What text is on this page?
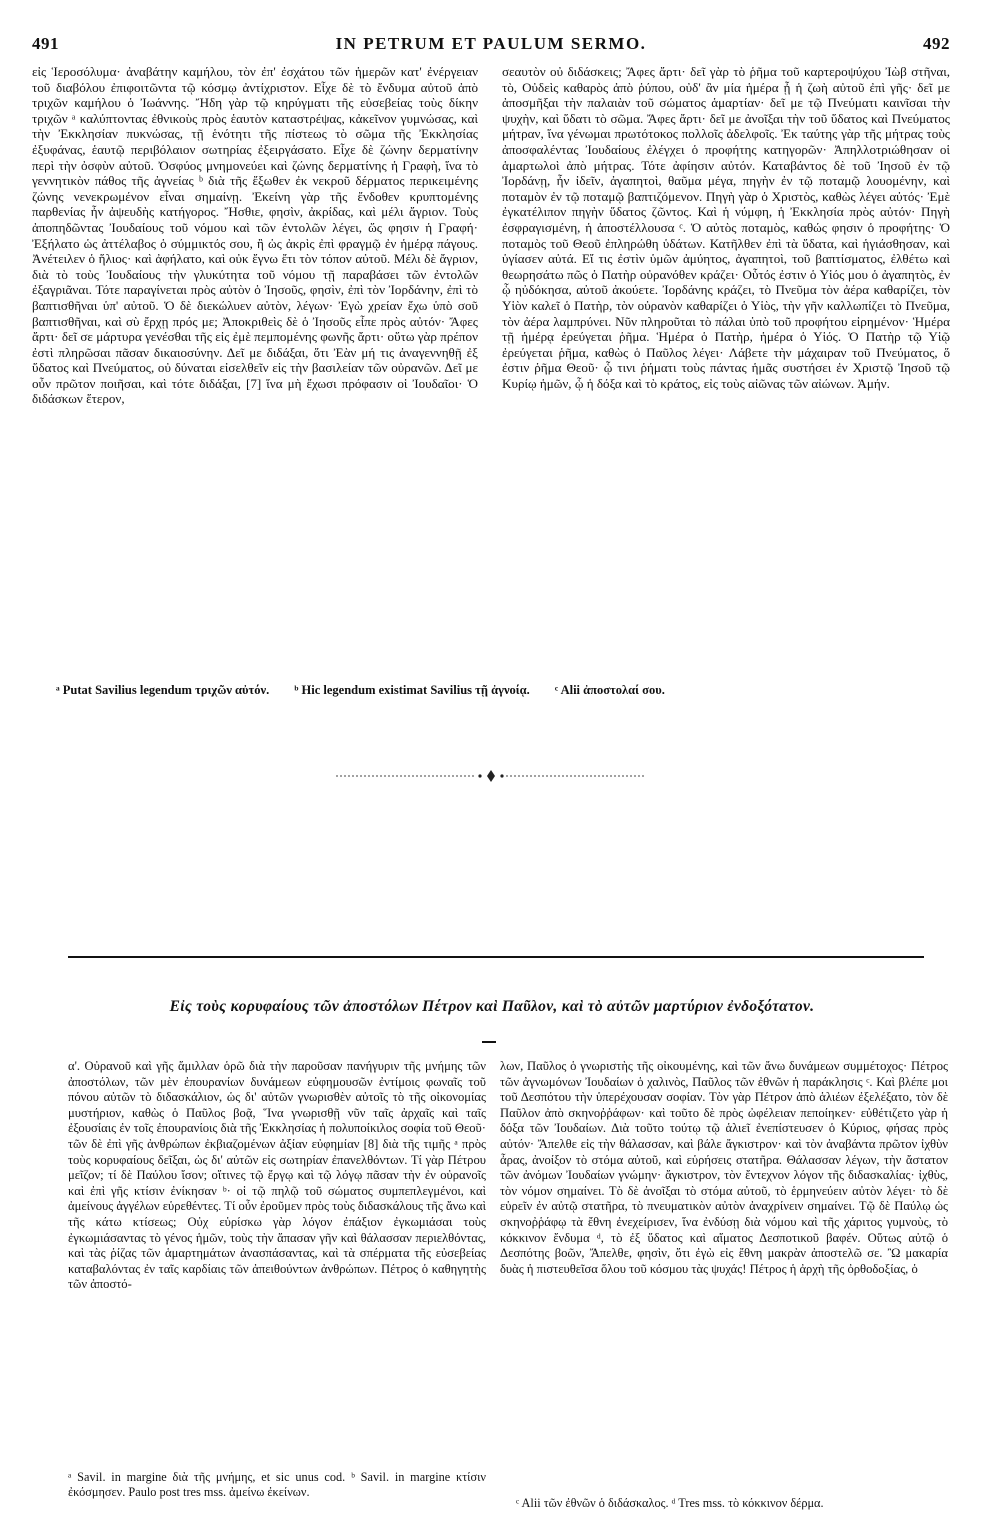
491	IN PETRUM ET PAULUM SERMO.	492

εἰς Ἱεροσόλυμα· ἀναβάτην καμήλου, τὸν ἐπ' ἐσχάτου τῶν ἡμερῶν κατ' ἐνέργειαν τοῦ διαβόλου ἐπιφοιτῶντα τῷ κόσμῳ ἀντίχριστον. Εἶχε δὲ τὸ ἔνδυμα αὐτοῦ ἀπὸ τριχῶν καμήλου ὁ Ἰωάννης. Ἤδη γὰρ τῷ κηρύγματι τῆς εὐσεβείας τοὺς δίκην τριχῶν ᵃ καλύπτοντας ἐθνικοὺς πρὸς ἑαυτὸν καταστρέψας, κἀκεῖνον γυμνώσας, καὶ τὴν Ἐκκλησίαν πυκνώσας, τῇ ἑνότητι τῆς πίστεως τὸ σῶμα τῆς Ἐκκλησίας ἐξυφάνας, ἑαυτῷ περιβόλαιον σωτηρίας ἐξειργάσατο. Εἶχε δὲ ζώνην δερματίνην περὶ τὴν ὀσφὺν αὐτοῦ. Ὀσφύος μνημονεύει καὶ ζώνης δερματίνης ἡ Γραφὴ, ἵνα τὸ γεννητικὸν πάθος τῆς ἀγνείας ᵇ διὰ τῆς ἔξωθεν ἐκ νεκροῦ δέρματος περικειμένης ζώνης νενεκρωμένον εἶναι σημαίνῃ. Ἐκείνη γὰρ τῆς ἔνδοθεν κρυπτομένης παρθενίας ἦν ἀψευδὴς κατήγορος. Ἤσθιε, φησὶν, ἀκρίδας, καὶ μέλι ἄγριον. Τοὺς ἀποπηδῶντας Ἰουδαίους τοῦ νόμου καὶ τῶν ἐντολῶν λέγει, ὥς φησιν ἡ Γραφή· Ἐξήλατο ὡς ἀττέλαβος ὁ σύμμικτός σου, ἢ ὡς ἀκρὶς ἐπὶ φραγμῷ ἐν ἡμέρᾳ πάγους. Ἀνέτειλεν ὁ ἥλιος· καὶ ἀφήλατο, καὶ οὐκ ἔγνω ἔτι τὸν τόπον αὐτοῦ. Μέλι δὲ ἄγριον, διὰ τὸ τοὺς Ἰουδαίους τὴν γλυκύτητα τοῦ νόμου τῇ παραβάσει τῶν ἐντολῶν ἐξαγριᾶναι. Τότε παραγίνεται πρὸς αὐτὸν ὁ Ἰησοῦς, φησὶν, ἐπὶ τὸν Ἰορδάνην, ἐπὶ τὸ βαπτισθῆναι ὑπ' αὐτοῦ. Ὁ δὲ διεκώλυεν αὐτὸν, λέγων· Ἐγὼ χρείαν ἔχω ὑπὸ σοῦ βαπτισθῆναι, καὶ σὺ ἔρχῃ πρός με; Ἀποκριθεὶς δὲ ὁ Ἰησοῦς εἶπε πρὸς αὐτόν· Ἄφες ἄρτι· δεῖ σε μάρτυρα γενέσθαι τῆς εἰς ἐμὲ πεμπομένης φωνῆς ἄρτι· οὕτω γὰρ πρέπον ἐστὶ πληρῶσαι πᾶσαν δικαιοσύνην. Δεῖ με διδάξαι, ὅτι Ἐὰν μή τις ἀναγεννηθῇ ἐξ ὕδατος καὶ Πνεύματος, οὐ δύναται εἰσελθεῖν εἰς τὴν βασιλείαν τῶν οὐρανῶν. Δεῖ με οὖν πρῶτον ποιῆσαι, καὶ τότε διδάξαι, [7] ἵνα μὴ ἔχωσι πρόφασιν οἱ Ἰουδαῖοι· Ὁ διδάσκων ἕτερον,

σεαυτὸν οὐ διδάσκεις; Ἄφες ἄρτι· δεῖ γὰρ τὸ ῥῆμα τοῦ καρτεροψύχου Ἰὼβ στῆναι, τὸ, Οὐδεὶς καθαρὸς ἀπὸ ῥύπου, οὐδ' ἂν μία ἡμέρα ᾖ ἡ ζωὴ αὐτοῦ ἐπὶ γῆς· δεῖ με ἀποσμῆξαι τὴν παλαιὰν τοῦ σώματος ἁμαρτίαν· δεῖ με τῷ Πνεύματι καινῖσαι τὴν ψυχὴν, καὶ ὕδατι τὸ σῶμα. Ἄφες ἄρτι· δεῖ με ἀνοῖξαι τὴν τοῦ ὕδατος καὶ Πνεύματος μήτραν, ἵνα γένωμαι πρωτότοκος πολλοῖς ἀδελφοῖς. Ἐκ ταύτης γὰρ τῆς μήτρας τοὺς ἀποσφαλέντας Ἰουδαίους ἐλέγχει ὁ προφήτης κατηγορῶν· Ἀπηλλοτριώθησαν οἱ ἁμαρτωλοὶ ἀπὸ μήτρας. Τότε ἀφίησιν αὐτόν. Καταβάντος δὲ τοῦ Ἰησοῦ ἐν τῷ Ἰορδάνῃ, ἦν ἰδεῖν, ἀγαπητοὶ, θαῦμα μέγα, πηγὴν ἐν τῷ ποταμῷ λουομένην, καὶ ποταμὸν ἐν τῷ ποταμῷ βαπτιζόμενον. Πηγὴ γὰρ ὁ Χριστὸς, καθὼς λέγει αὐτός· Ἐμὲ ἐγκατέλιπον πηγὴν ὕδατος ζῶντος. Καὶ ἡ νύμφη, ἡ Ἐκκλησία πρὸς αὐτόν· Πηγὴ ἐσφραγισμένη, ἡ ἀποστέλλουσα ᶜ. Ὁ αὐτὸς ποταμὸς, καθώς φησιν ὁ προφήτης· Ὁ ποταμὸς τοῦ Θεοῦ ἐπληρώθη ὑδάτων. Κατῆλθεν ἐπὶ τὰ ὕδατα, καὶ ἡγιάσθησαν, καὶ ὑγίασεν αὐτά. Εἴ τις ἐστὶν ὑμῶν ἀμύητος, ἀγαπητοὶ, τοῦ βαπτίσματος, ἐλθέτω καὶ θεωρησάτω πῶς ὁ Πατὴρ οὐρανόθεν κράζει· Οὗτός ἐστιν ὁ Υἱός μου ὁ ἀγαπητὸς, ἐν ᾧ ηὐδόκησα, αὐτοῦ ἀκούετε. Ἰορδάνης κράζει, τὸ Πνεῦμα τὸν ἀέρα καθαρίζει, τὸν Υἱὸν καλεῖ ὁ Πατὴρ, τὸν οὐρανὸν καθαρίζει ὁ Υἱὸς, τὴν γῆν καλλωπίζει τὸ Πνεῦμα, τὸν ἀέρα λαμπρύνει. Νῦν πληροῦται τὸ πάλαι ὑπὸ τοῦ προφήτου εἰρημένον· Ἡμέρα τῇ ἡμέρᾳ ἐρεύγεται ῥῆμα. Ἡμέρα ὁ Πατὴρ, ἡμέρα ὁ Υἱός. Ὁ Πατὴρ τῷ Υἱῷ ἐρεύγεται ῥῆμα, καθὼς ὁ Παῦλος λέγει· Λάβετε τὴν μάχαιραν τοῦ Πνεύματος, ὅ ἐστιν ῥῆμα Θεοῦ· ᾧ τινι ῥήματι τοὺς πάντας ἡμᾶς συστήσει ἐν Χριστῷ Ἰησοῦ τῷ Κυρίῳ ἡμῶν, ᾧ ἡ δόξα καὶ τὸ κράτος, εἰς τοὺς αἰῶνας τῶν αἰώνων. Ἀμήν.

ᵃ Putat Savilius legendum τριχῶν αὐτόν. ᵇ Hic legendum existimat Savilius τῇ ἀγνοίᾳ. ᶜ Alii ἀποστολαί σου.
Εἰς τοὺς κορυφαίους τῶν ἀποστόλων Πέτρον καὶ Παῦλον, καὶ τὸ αὐτῶν μαρτύριον ἐνδοξότατον.

α'. Οὐρανοῦ καὶ γῆς ἅμιλλαν ὁρῶ διὰ τὴν παροῦσαν πανήγυριν τῆς μνήμης τῶν ἀποστόλων, τῶν μὲν ἐπουρανίων δυνάμεων εὐφημουσῶν ἐντίμοις φωναῖς τοῦ πόνου αὐτῶν τὸ διδασκάλιον, ὡς δι' αὐτῶν γνωρισθὲν αὐτοῖς τὸ τῆς οἰκονομίας μυστήριον, καθὼς ὁ Παῦλος βοᾷ, Ἵνα γνωρισθῇ νῦν ταῖς ἀρχαῖς καὶ ταῖς ἐξουσίαις ἐν τοῖς ἐπουρανίοις διὰ τῆς Ἐκκλησίας ἡ πολυποίκιλος σοφία τοῦ Θεοῦ· τῶν δὲ ἐπὶ γῆς ἀνθρώπων ἐκβιαζομένων ἀξίαν εὐφημίαν [8] διὰ τῆς τιμῆς ᵃ πρὸς τοὺς κορυφαίους δεῖξαι, ὡς δι' αὐτῶν εἰς σωτηρίαν ἐπανελθόντων. Τί γὰρ Πέτρου μεῖζον; τί δὲ Παύλου ἴσον; οἵτινες τῷ ἔργῳ καὶ τῷ λόγῳ πᾶσαν τὴν ἐν οὐρανοῖς καὶ ἐπὶ γῆς κτίσιν ἐνίκησαν ᵇ· οἱ τῷ πηλῷ τοῦ σώματος συμπεπλεγμένοι, καὶ ἀμείνους ἀγγέλων εὑρεθέντες. Τί οὖν ἐροῦμεν πρὸς τοὺς διδασκάλους τῆς ἄνω καὶ τῆς κάτω κτίσεως; Οὐχ εὑρίσκω γὰρ λόγον ἐπάξιον ἐγκωμιάσαι τοὺς ἐγκωμιάσαντας τὸ γένος ἡμῶν, τοὺς τὴν ἅπασαν γῆν καὶ θάλασσαν περιελθόντας, καὶ τὰς ῥίζας τῶν ἁμαρτημάτων ἀνασπάσαντας, καὶ τὰ σπέρματα τῆς εὐσεβείας καταβαλόντας ἐν ταῖς καρδίαις τῶν ἀπειθούντων ἀνθρώπων. Πέτρος ὁ καθηγητὴς τῶν ἀποστό-

λων, Παῦλος ὁ γνωριστὴς τῆς οἰκουμένης, καὶ τῶν ἄνω δυνάμεων συμμέτοχος· Πέτρος τῶν ἀγνωμόνων Ἰουδαίων ὁ χαλινὸς, Παῦλος τῶν ἐθνῶν ἡ παράκλησις ᶜ. Καὶ βλέπε μοι τοῦ Δεσπότου τὴν ὑπερέχουσαν σοφίαν. Τὸν γὰρ Πέτρον ἀπὸ ἁλιέων ἐξελέξατο, τὸν δὲ Παῦλον ἀπὸ σκηνοῤῥάφων· καὶ τοῦτο δὲ πρὸς ὠφέλειαν πεποίηκεν· εὐθέτιζετο γὰρ ἡ δόξα τῶν Ἰουδαίων. Διὰ τοῦτο τούτῳ τῷ ἁλιεῖ ἐνεπίστευσεν ὁ Κύριος, φήσας πρὸς αὐτόν· Ἄπελθε εἰς τὴν θάλασσαν, καὶ βάλε ἄγκιστρον· καὶ τὸν ἀναβάντα πρῶτον ἰχθὺν ἆρας, ἀνοίξον τὸ στόμα αὐτοῦ, καὶ εὑρήσεις στατῆρα. Θάλασσαν λέγων, τὴν ἄστατον τῶν ἀνόμων Ἰουδαίων γνώμην· ἄγκιστρον, τὸν ἔντεχνον λόγον τῆς διδασκαλίας· ἰχθὺς, τὸν νόμον σημαίνει. Τὸ δὲ ἀνοῖξαι τὸ στόμα αὐτοῦ, τὸ ἑρμηνεύειν αὐτὸν λέγει· τὸ δὲ εὑρεῖν ἐν αὐτῷ στατῆρα, τὸ πνευματικὸν αὐτὸν ἀναχρίνειν σημαίνει. Τῷ δὲ Παύλῳ ὡς σκηνοῤῥάφῳ τὰ ἔθνη ἐνεχείρισεν, ἵνα ἐνδύσῃ διὰ νόμου καὶ τῆς χάριτος γυμνοὺς, τὸ κόκκινον ἔνδυμα ᵈ, τὸ ἐξ ὕδατος καὶ αἵματος Δεσποτικοῦ βαφέν. Οὕτως αὐτῷ ὁ Δεσπότης βοῶν, Ἄπελθε, φησὶν, ὅτι ἐγὼ εἰς ἔθνη μακρὰν ἀποστελῶ σε. Ὢ μακαρία δυὰς ἡ πιστευθεῖσα ὅλου τοῦ κόσμου τὰς ψυχάς! Πέτρος ἡ ἀρχὴ τῆς ὀρθοδοξίας, ὁ

ᵃ Savil. in margine διὰ τῆς μνήμης, et sic unus cod. ᵇ Savil. in margine κτίσιν ἐκόσμησεν. Paulo post tres mss. ἀμείνω ἐκείνων.
ᶜ Alii τῶν ἐθνῶν ὁ διδάσκαλος. ᵈ Tres mss. τὸ κόκκινον δέρμα.
